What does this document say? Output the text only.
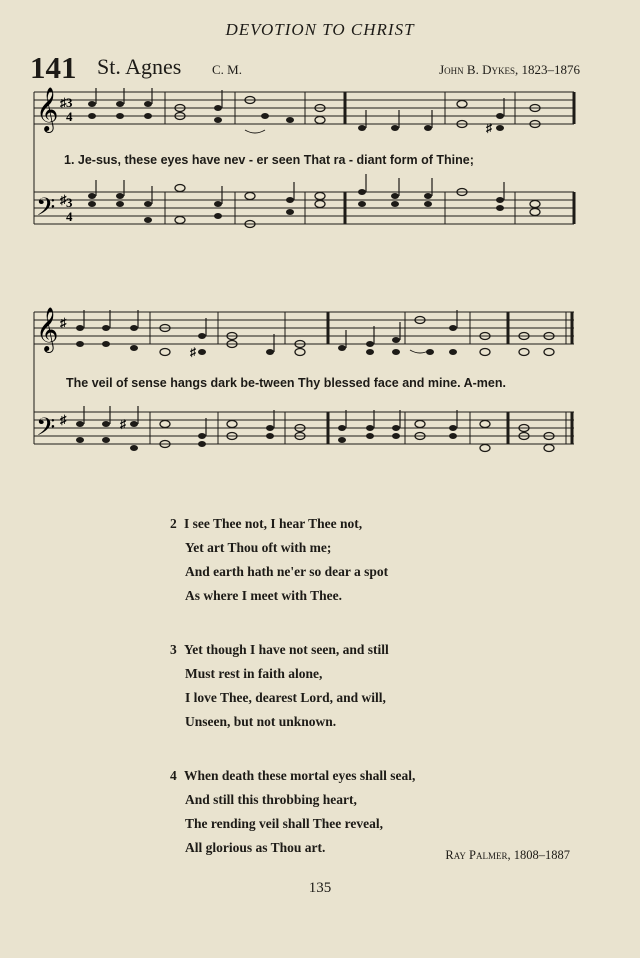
DEVOTION TO CHRIST
141 St. Agnes C. M.	John B. Dykes, 1823–1876
𝄞
𝄢
♯
♯
3
4
3
4
♯
1. Je-sus, these eyes have nev - er seen That ra - diant form of Thine;
𝄞
𝄢
♯
♯
♯
♯
The veil of sense hangs dark be-tween Thy blessed face and mine. A-men.
2 I see Thee not, I hear Thee not,
Yet art Thou oft with me;
And earth hath ne'er so dear a spot
As where I meet with Thee.
3 Yet though I have not seen, and still
Must rest in faith alone,
I love Thee, dearest Lord, and will,
Unseen, but not unknown.
4 When death these mortal eyes shall seal,
And still this throbbing heart,
The rending veil shall Thee reveal,
All glorious as Thou art.	Ray Palmer, 1808–1887
135
